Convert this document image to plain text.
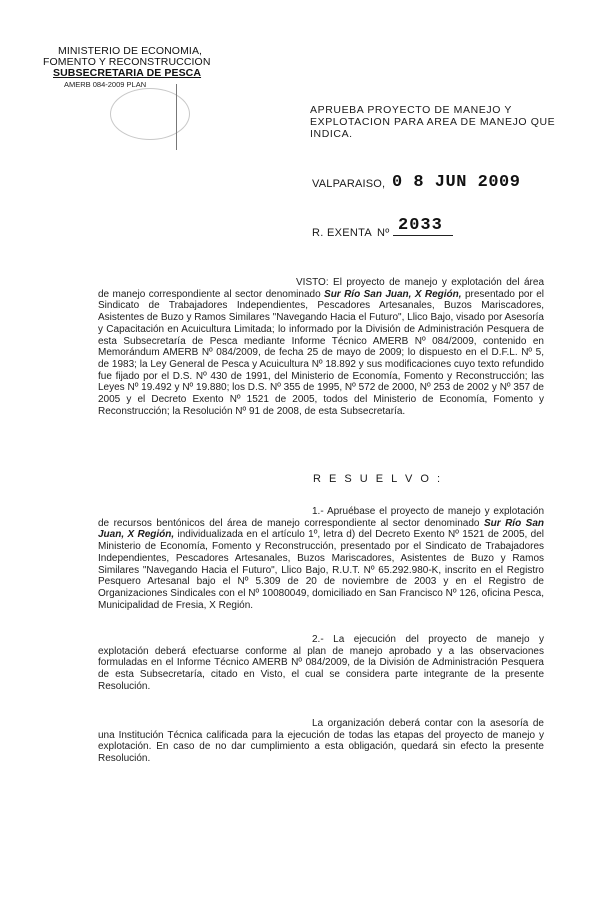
MINISTERIO DE ECONOMIA,
FOMENTO Y RECONSTRUCCION
SUBSECRETARIA DE PESCA
AMERB 084-2009 PLAN
APRUEBA PROYECTO DE MANEJO Y EXPLOTACION PARA AREA DE MANEJO QUE INDICA.
VALPARAISO, 0 8 JUN 2009
R. EXENTA Nº 2033
VISTO: El proyecto de manejo y explotación del área de manejo correspondiente al sector denominado Sur Río San Juan, X Región, presentado por el Sindicato de Trabajadores Independientes, Pescadores Artesanales, Buzos Mariscadores, Asistentes de Buzo y Ramos Similares "Navegando Hacia el Futuro", Llico Bajo, visado por Asesoría y Capacitación en Acuicultura Limitada; lo informado por la División de Administración Pesquera de esta Subsecretaría de Pesca mediante Informe Técnico AMERB Nº 084/2009, contenido en Memorándum AMERB Nº 084/2009, de fecha 25 de mayo de 2009; lo dispuesto en el D.F.L. Nº 5, de 1983; la Ley General de Pesca y Acuicultura Nº 18.892 y sus modificaciones cuyo texto refundido fue fijado por el D.S. Nº 430 de 1991, del Ministerio de Economía, Fomento y Reconstrucción; las Leyes Nº 19.492 y Nº 19.880; los D.S. Nº 355 de 1995, Nº 572 de 2000, Nº 253 de 2002 y Nº 357 de 2005 y el Decreto Exento Nº 1521 de 2005, todos del Ministerio de Economía, Fomento y Reconstrucción; la Resolución Nº 91 de 2008, de esta Subsecretaría.
R E S U E L V O :
1.- Apruébase el proyecto de manejo y explotación de recursos bentónicos del área de manejo correspondiente al sector denominado Sur Río San Juan, X Región, individualizada en el artículo 1º, letra d) del Decreto Exento Nº 1521 de 2005, del Ministerio de Economía, Fomento y Reconstrucción, presentado por el Sindicato de Trabajadores Independientes, Pescadores Artesanales, Buzos Mariscadores, Asistentes de Buzo y Ramos Similares "Navegando Hacia el Futuro", Llico Bajo, R.U.T. Nº 65.292.980-K, inscrito en el Registro Pesquero Artesanal bajo el Nº 5.309 de 20 de noviembre de 2003 y en el Registro de Organizaciones Sindicales con el Nº 10080049, domiciliado en San Francisco Nº 126, oficina Pesca, Municipalidad de Fresia, X Región.
2.- La ejecución del proyecto de manejo y explotación deberá efectuarse conforme al plan de manejo aprobado y a las observaciones formuladas en el Informe Técnico AMERB Nº 084/2009, de la División de Administración Pesquera de esta Subsecretaría, citado en Visto, el cual se considera parte integrante de la presente Resolución.
La organización deberá contar con la asesoría de una Institución Técnica calificada para la ejecución de todas las etapas del proyecto de manejo y explotación. En caso de no dar cumplimiento a esta obligación, quedará sin efecto la presente Resolución.
